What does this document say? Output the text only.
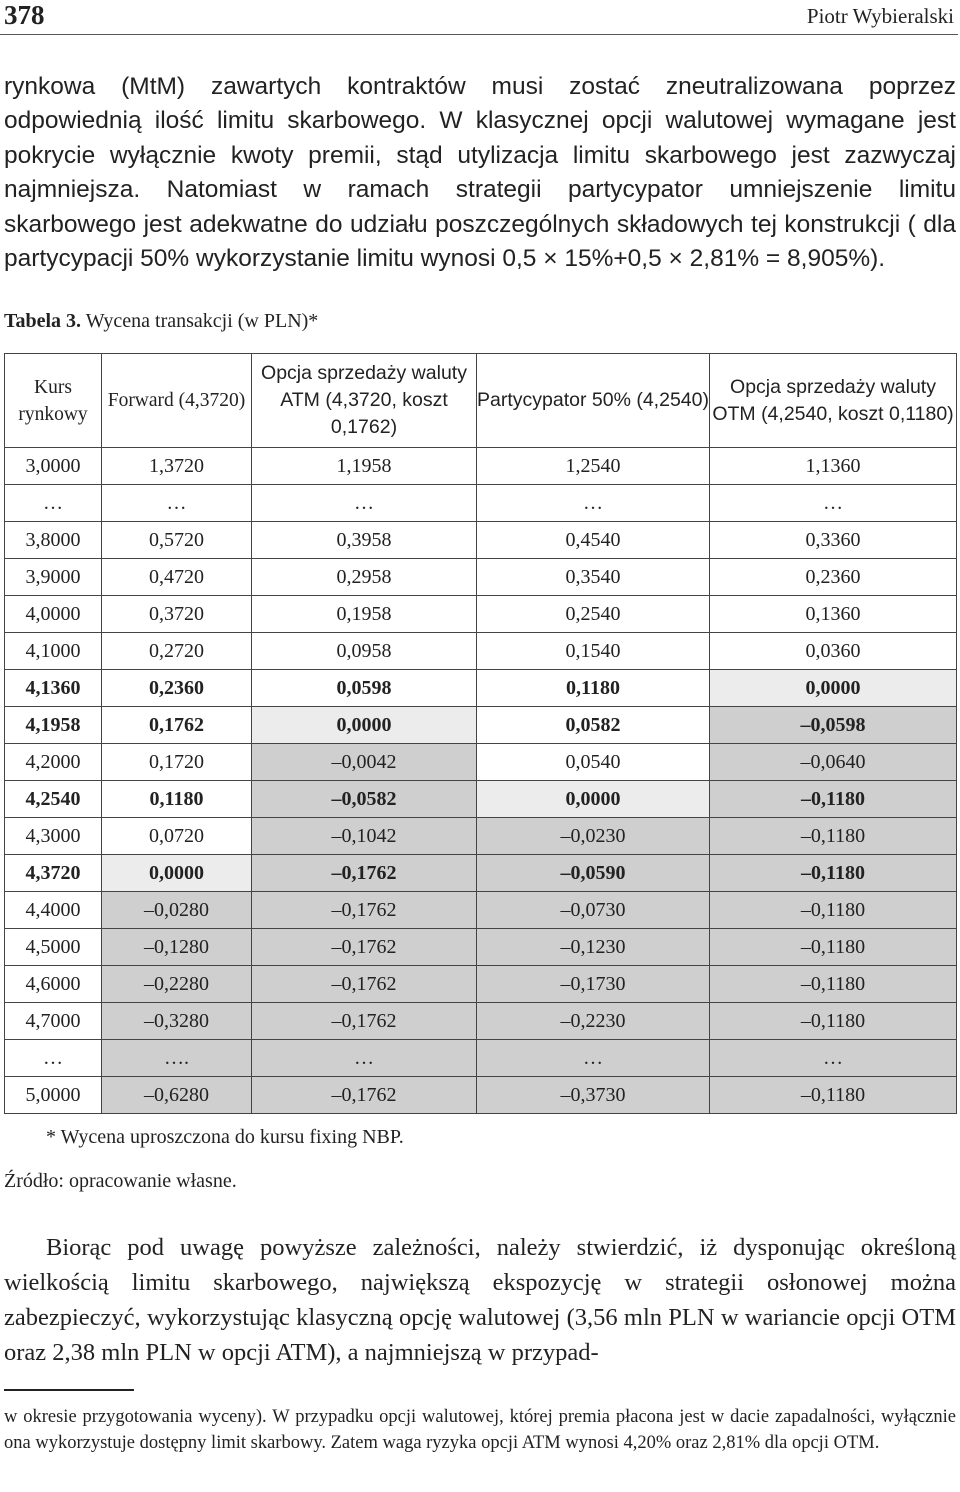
378	Piotr Wybieralski

rynkowa (MtM) zawartych kontraktów musi zostać zneutralizowana poprzez odpowiednią ilość limitu skarbowego. W klasycznej opcji walutowej wymagane jest pokrycie wyłącznie kwoty premii, stąd utylizacja limitu skarbowego jest zazwyczaj najmniejsza. Natomiast w ramach strategii partycypator umniejszenie limitu skarbowego jest adekwatne do udziału poszczególnych składowych tej konstrukcji ( dla partycypacji 50% wykorzystanie limitu wynosi 0,5 × 15%+0,5 × 2,81% = 8,905%).

Tabela 3. Wycena transakcji (w PLN)*
Kurs rynkowy	Forward (4,3720)	Opcja sprzedaży waluty ATM (4,3720, koszt 0,1762)	Partycypator 50% (4,2540)	Opcja sprzedaży waluty OTM (4,2540, koszt 0,1180)
3,0000	1,3720	1,1958	1,2540	1,1360
…	…	…	…	…
3,8000	0,5720	0,3958	0,4540	0,3360
3,9000	0,4720	0,2958	0,3540	0,2360
4,0000	0,3720	0,1958	0,2540	0,1360
4,1000	0,2720	0,0958	0,1540	0,0360
4,1360	0,2360	0,0598	0,1180	0,0000
4,1958	0,1762	0,0000	0,0582	–0,0598
4,2000	0,1720	–0,0042	0,0540	–0,0640
4,2540	0,1180	–0,0582	0,0000	–0,1180
4,3000	0,0720	–0,1042	–0,0230	–0,1180
4,3720	0,0000	–0,1762	–0,0590	–0,1180
4,4000	–0,0280	–0,1762	–0,0730	–0,1180
4,5000	–0,1280	–0,1762	–0,1230	–0,1180
4,6000	–0,2280	–0,1762	–0,1730	–0,1180
4,7000	–0,3280	–0,1762	–0,2230	–0,1180
…	….	…	…	…
5,0000	–0,6280	–0,1762	–0,3730	–0,1180
* Wycena uproszczona do kursu fixing NBP.
Źródło: opracowanie własne.

Biorąc pod uwagę powyższe zależności, należy stwierdzić, iż dysponując określoną wielkością limitu skarbowego, największą ekspozycję w strategii osłonowej można zabezpieczyć, wykorzystując klasyczną opcję walutowej (3,56 mln PLN w wariancie opcji OTM oraz 2,38 mln PLN w opcji ATM), a najmniejszą w przypad-

w okresie przygotowania wyceny). W przypadku opcji walutowej, której premia płacona jest w dacie zapadalności, wyłącznie ona wykorzystuje dostępny limit skarbowy. Zatem waga ryzyka opcji ATM wynosi 4,20% oraz 2,81% dla opcji OTM.
